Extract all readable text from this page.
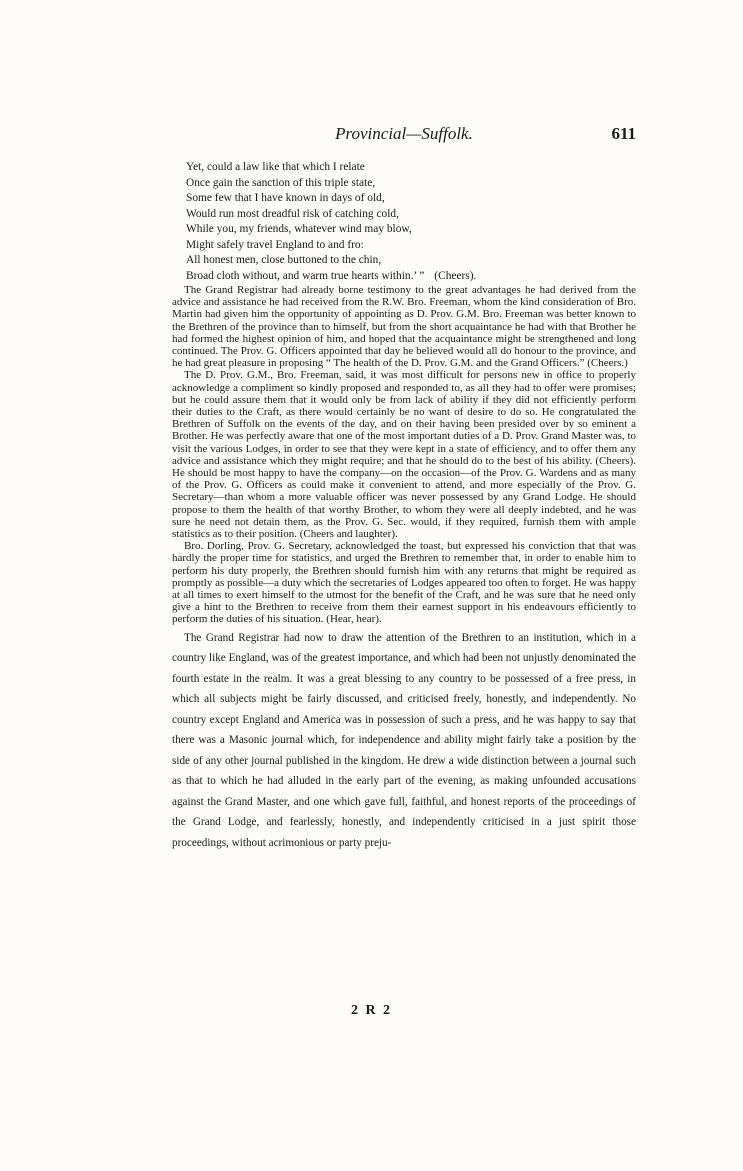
Provincial—Suffolk.	611
Yet, could a law like that which I relate
Once gain the sanction of this triple state,
Some few that I have known in days of old,
Would run most dreadful risk of catching cold,
While you, my friends, whatever wind may blow,
Might safely travel England to and fro:
All honest men, close buttoned to the chin,
Broad cloth without, and warm true hearts within.’ ” (Cheers).

The Grand Registrar had already borne testimony to the great advantages he had derived from the advice and assistance he had received from the R.W. Bro. Freeman, whom the kind consideration of Bro. Martin had given him the opportunity of appointing as D. Prov. G.M. Bro. Freeman was better known to the Brethren of the province than to himself, but from the short acquaintance he had with that Brother he had formed the highest opinion of him, and hoped that the acquaintance might be strengthened and long continued. The Prov. G. Officers appointed that day he believed would all do honour to the province, and he had great pleasure in proposing “ The health of the D. Prov. G.M. and the Grand Officers.” (Cheers.)

The D. Prov. G.M., Bro. Freeman, said, it was most difficult for persons new in office to properly acknowledge a compliment so kindly proposed and responded to, as all they had to offer were promises; but he could assure them that it would only be from lack of ability if they did not efficiently perform their duties to the Craft, as there would certainly be no want of desire to do so. He congratulated the Brethren of Suffolk on the events of the day, and on their having been presided over by so eminent a Brother. He was perfectly aware that one of the most important duties of a D. Prov. Grand Master was, to visit the various Lodges, in order to see that they were kept in a state of efficiency, and to offer them any advice and assistance which they might require; and that he should do to the best of his ability. (Cheers). He should be most happy to have the company—on the occasion—of the Prov. G. Wardens and as many of the Prov. G. Officers as could make it convenient to attend, and more especially of the Prov. G. Secretary—than whom a more valuable officer was never possessed by any Grand Lodge. He should propose to them the health of that worthy Brother, to whom they were all deeply indebted, and he was sure he need not detain them, as the Prov. G. Sec. would, if they required, furnish them with ample statistics as to their position. (Cheers and laughter).

Bro. Dorling, Prov. G. Secretary, acknowledged the toast, but expressed his conviction that that was hardly the proper time for statistics, and urged the Brethren to remember that, in order to enable him to perform his duty properly, the Brethren should furnish him with any returns that might be required as promptly as possible—a duty which the secretaries of Lodges appeared too often to forget. He was happy at all times to exert himself to the utmost for the benefit of the Craft, and he was sure that he need only give a hint to the Brethren to receive from them their earnest support in his endeavours efficiently to perform the duties of his situation. (Hear, hear).

The Grand Registrar had now to draw the attention of the Brethren to an institution, which in a country like England, was of the greatest importance, and which had been not unjustly denominated the fourth estate in the realm. It was a great blessing to any country to be possessed of a free press, in which all subjects might be fairly discussed, and criticised freely, honestly, and independently. No country except England and America was in possession of such a press, and he was happy to say that there was a Masonic journal which, for independence and ability might fairly take a position by the side of any other journal published in the kingdom. He drew a wide distinction between a journal such as that to which he had alluded in the early part of the evening, as making unfounded accusations against the Grand Master, and one which gave full, faithful, and honest reports of the proceedings of the Grand Lodge, and fearlessly, honestly, and independently criticised in a just spirit those proceedings, without acrimonious or party preju-

2 R 2
